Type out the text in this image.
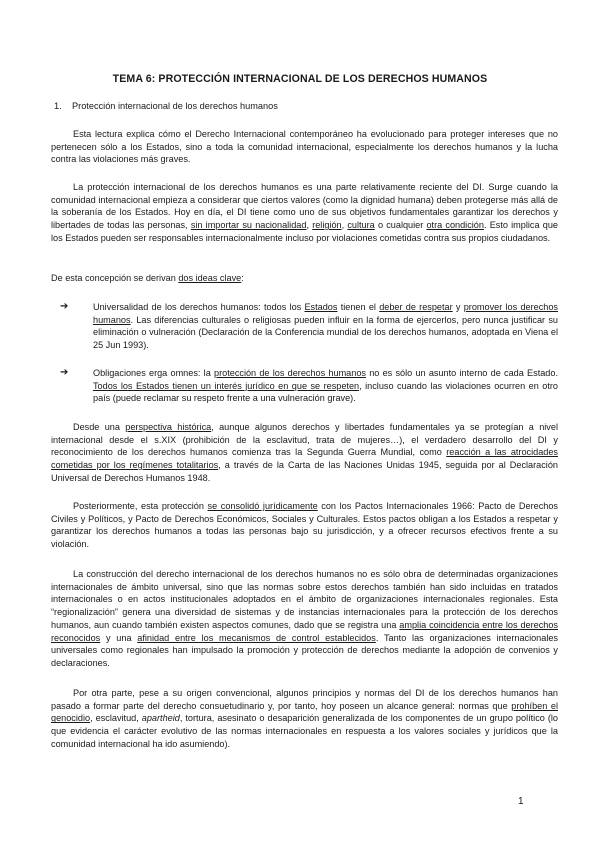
TEMA 6: PROTECCIÓN INTERNACIONAL DE LOS DERECHOS HUMANOS
1. Protección internacional de los derechos humanos

Esta lectura explica cómo el Derecho Internacional contemporáneo ha evolucionado para proteger intereses que no pertenecen sólo a los Estados, sino a toda la comunidad internacional, especialmente los derechos humanos y la lucha contra las violaciones más graves.

La protección internacional de los derechos humanos es una parte relativamente reciente del DI. Surge cuando la comunidad internacional empieza a considerar que ciertos valores (como la dignidad humana) deben protegerse más allá de la soberanía de los Estados. Hoy en día, el DI tiene como uno de sus objetivos fundamentales garantizar los derechos y libertades de todas las personas, sin importar su nacionalidad, religión, cultura o cualquier otra condición. Esto implica que los Estados pueden ser responsables internacionalmente incluso por violaciones cometidas contra sus propios ciudadanos.

De esta concepción se derivan dos ideas clave:

➔	Universalidad de los derechos humanos: todos los Estados tienen el deber de respetar y promover los derechos humanos. Las diferencias culturales o religiosas pueden influir en la forma de ejercerlos, pero nunca justificar su eliminación o vulneración (Declaración de la Conferencia mundial de los derechos humanos, adoptada en Viena el 25 Jun 1993).
➔	Obligaciones erga omnes: la protección de los derechos humanos no es sólo un asunto interno de cada Estado. Todos los Estados tienen un interés jurídico en que se respeten, incluso cuando las violaciones ocurren en otro país (puede reclamar su respeto frente a una vulneración grave).

Desde una perspectiva histórica, aunque algunos derechos y libertades fundamentales ya se protegían a nivel internacional desde el s.XIX (prohibición de la esclavitud, trata de mujeres…), el verdadero desarrollo del DI y reconocimiento de los derechos humanos comienza tras la Segunda Guerra Mundial, como reacción a las atrocidades cometidas por los regímenes totalitarios, a través de la Carta de las Naciones Unidas 1945, seguida por al Declaración Universal de Derechos Humanos 1948.

Posteriormente, esta protección se consolidó jurídicamente con los Pactos Internacionales 1966: Pacto de Derechos Civiles y Políticos, y Pacto de Derechos Económicos, Sociales y Culturales. Estos pactos obligan a los Estados a respetar y garantizar los derechos humanos a todas las personas bajo su jurisdicción, y a ofrecer recursos efectivos frente a su violación.

La construcción del derecho internacional de los derechos humanos no es sólo obra de determinadas organizaciones internacionales de ámbito universal, sino que las normas sobre estos derechos también han sido incluidas en tratados internacionales o en actos institucionales adoptados en el ámbito de organizaciones internacionales regionales. Esta “regionalización” genera una diversidad de sistemas y de instancias internacionales para la protección de los derechos humanos, aun cuando también existen aspectos comunes, dado que se registra una amplia coincidencia entre los derechos reconocidos y una afinidad entre los mecanismos de control establecidos. Tanto las organizaciones internacionales universales como regionales han impulsado la promoción y protección de derechos mediante la adopción de convenios y declaraciones.

Por otra parte, pese a su origen convencional, algunos principios y normas del DI de los derechos humanos han pasado a formar parte del derecho consuetudinario y, por tanto, hoy poseen un alcance general: normas que prohíben el genocidio, esclavitud, apartheid, tortura, asesinato o desaparición generalizada de los componentes de un grupo político (lo que evidencia el carácter evolutivo de las normas internacionales en respuesta a los valores sociales y jurídicos que la comunidad internacional ha ido asumiendo).

1
